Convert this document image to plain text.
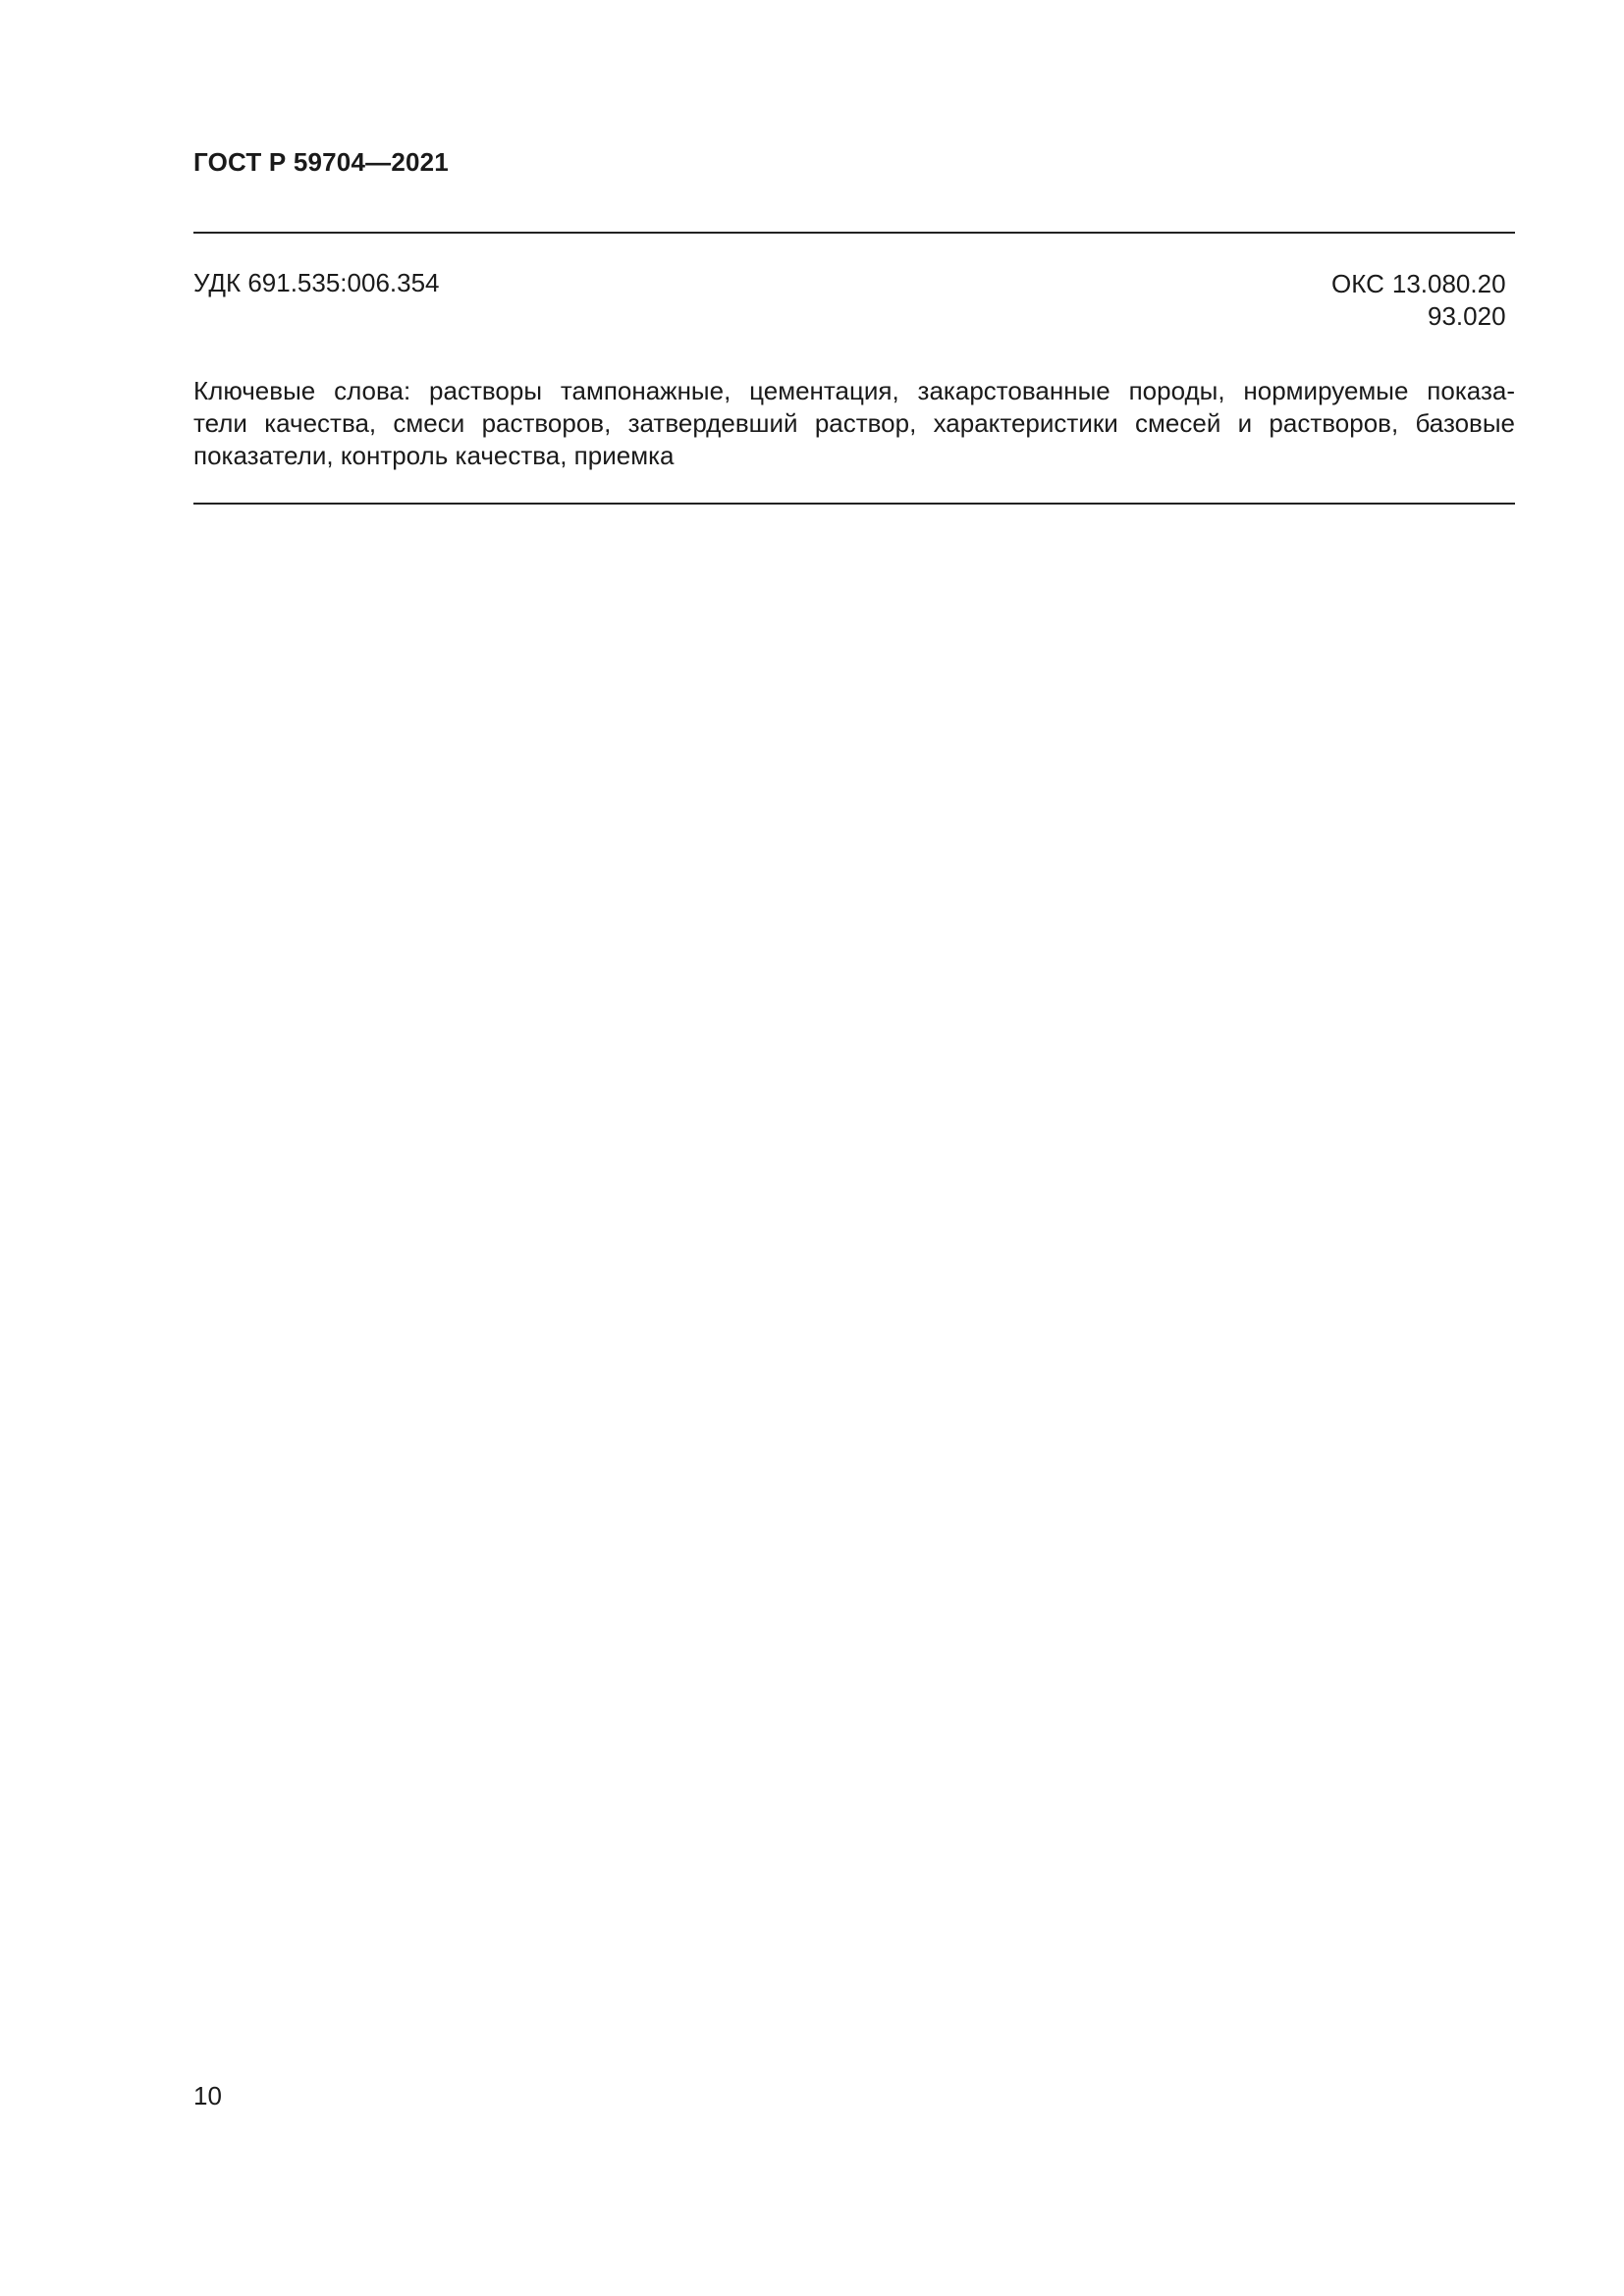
ГОСТ Р 59704—2021
УДК 691.535:006.354	ОКС 13.080.20
93.020
Ключевые слова: растворы тампонажные, цементация, закарстованные породы, нормируемые показа-
тели качества, смеси растворов, затвердевший раствор, характеристики смесей и растворов, базовые
показатели, контроль качества, приемка
10
